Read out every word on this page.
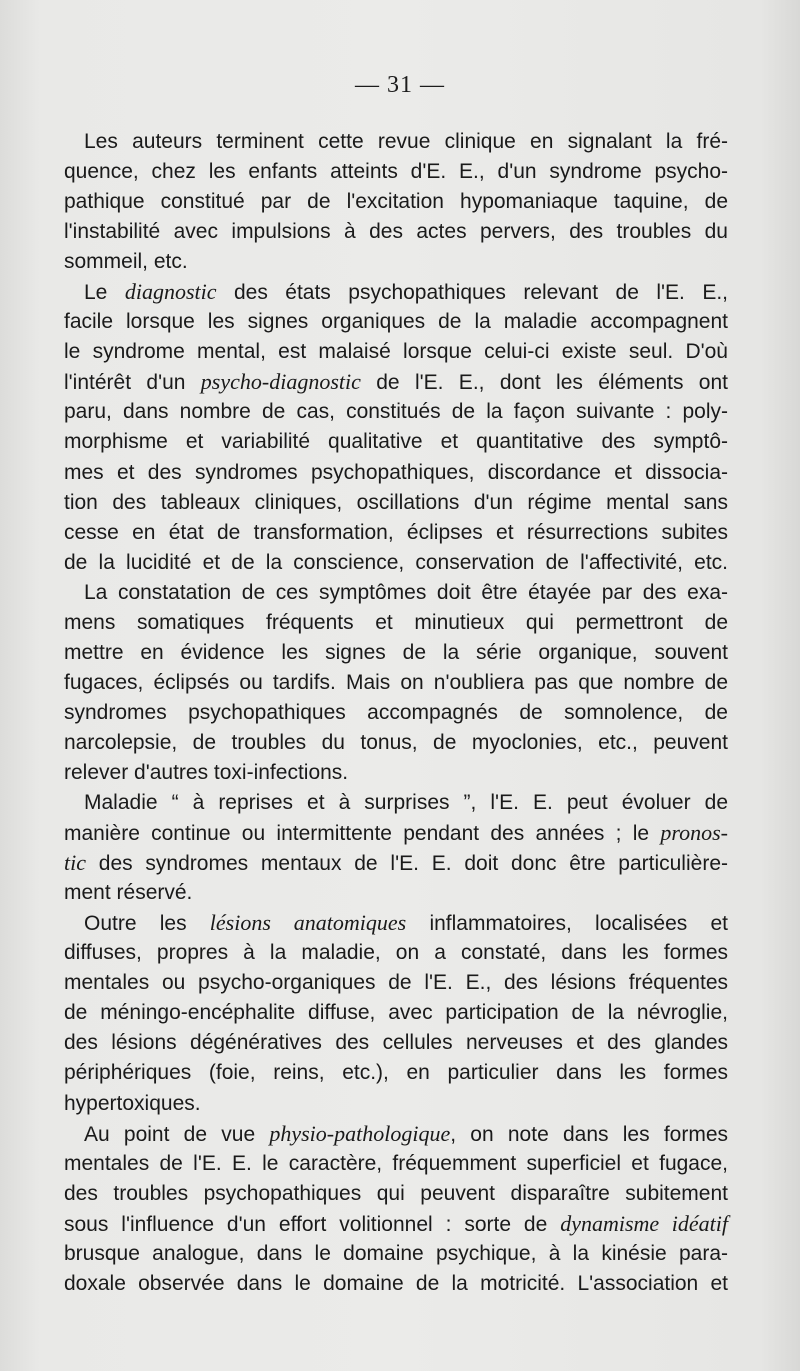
— 31 —
Les auteurs terminent cette revue clinique en signalant la fré-
quence, chez les enfants atteints d'E. E., d'un syndrome psycho-
pathique constitué par de l'excitation hypomaniaque taquine, de
l'instabilité avec impulsions à des actes pervers, des troubles du
sommeil, etc.
Le diagnostic des états psychopathiques relevant de l'E. E.,
facile lorsque les signes organiques de la maladie accompagnent
le syndrome mental, est malaisé lorsque celui-ci existe seul. D'où
l'intérêt d'un psycho-diagnostic de l'E. E., dont les éléments ont
paru, dans nombre de cas, constitués de la façon suivante : poly-
morphisme et variabilité qualitative et quantitative des symptô-
mes et des syndromes psychopathiques, discordance et dissocia-
tion des tableaux cliniques, oscillations d'un régime mental sans
cesse en état de transformation, éclipses et résurrections subites
de la lucidité et de la conscience, conservation de l'affectivité, etc.
La constatation de ces symptômes doit être étayée par des exa-
mens somatiques fréquents et minutieux qui permettront de
mettre en évidence les signes de la série organique, souvent
fugaces, éclipsés ou tardifs. Mais on n'oubliera pas que nombre de
syndromes psychopathiques accompagnés de somnolence, de
narcolepsie, de troubles du tonus, de myoclonies, etc., peuvent
relever d'autres toxi-infections.
Maladie “ à reprises et à surprises ”, l'E. E. peut évoluer de
manière continue ou intermittente pendant des années ; le pronos-
tic des syndromes mentaux de l'E. E. doit donc être particulière-
ment réservé.
Outre les lésions anatomiques inflammatoires, localisées et
diffuses, propres à la maladie, on a constaté, dans les formes
mentales ou psycho-organiques de l'E. E., des lésions fréquentes
de méningo-encéphalite diffuse, avec participation de la névroglie,
des lésions dégénératives des cellules nerveuses et des glandes
périphériques (foie, reins, etc.), en particulier dans les formes
hypertoxiques.
Au point de vue physio-pathologique, on note dans les formes
mentales de l'E. E. le caractère, fréquemment superficiel et fugace,
des troubles psychopathiques qui peuvent disparaître subitement
sous l'influence d'un effort volitionnel : sorte de dynamisme idéatif
brusque analogue, dans le domaine psychique, à la kinésie para-
doxale observée dans le domaine de la motricité. L'association et
